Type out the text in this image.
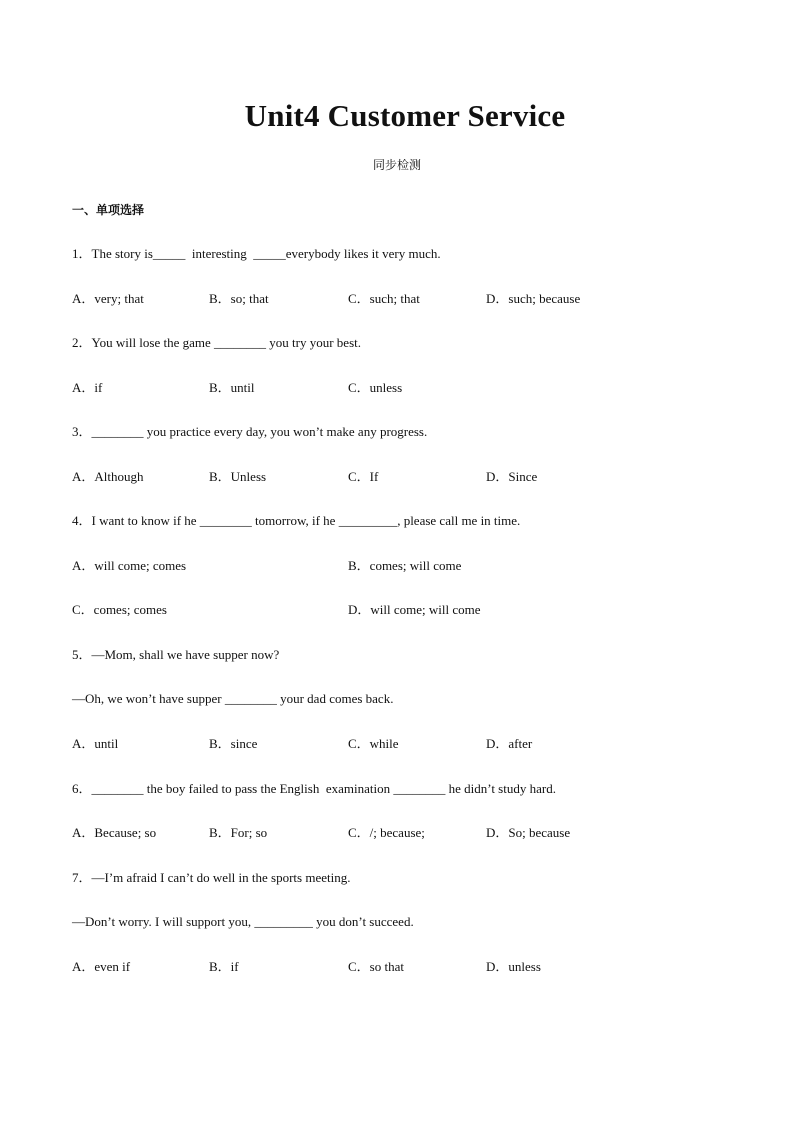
Unit4 Customer Service
同步检测
一、单项选择
1．The story is_____  interesting  _____everybody likes it very much.
A．very; that	B．so; that	C．such; that	D．such; because
2．You will lose the game ________ you try your best.
A．if	B．until	C．unless
3．________ you practice every day, you won’t make any progress.
A．Although	B．Unless	C．If	D．Since
4．I want to know if he ________ tomorrow, if he _________, please call me in time.
A．will come; comes	B．comes; will come
C．comes; comes	D．will come; will come
5．—Mom, shall we have supper now?
—Oh, we won’t have supper ________ your dad comes back.
A．until	B．since	C．while	D．after
6．________ the boy failed to pass the English  examination ________ he didn’t study hard.
A．Because; so	B．For; so	C．/; because;	D．So; because
7．—I’m afraid I can’t do well in the sports meeting.
—Don’t worry. I will support you, _________ you don’t succeed.
A．even if	B．if	C．so that	D．unless
